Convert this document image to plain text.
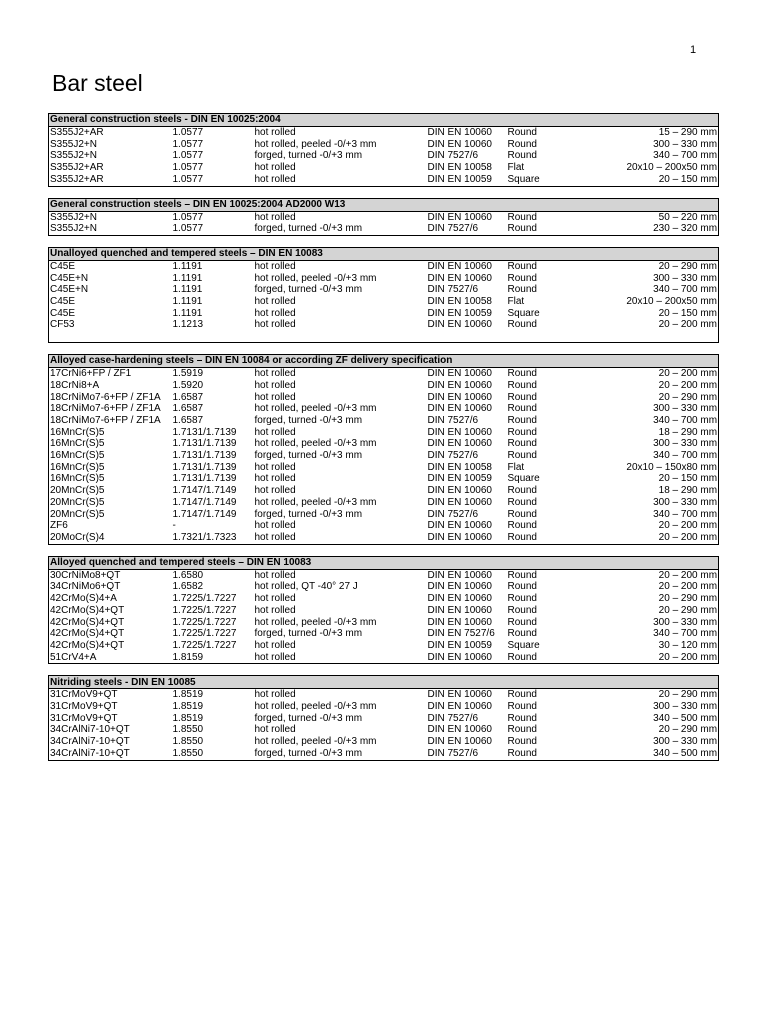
1
Bar steel
General construction steels - DIN EN 10025:2004					
S355J2+AR	1.0577	hot rolled	DIN EN 10060	Round	15 – 290 mm
S355J2+N	1.0577	hot rolled, peeled -0/+3 mm	DIN EN 10060	Round	300 – 330 mm
S355J2+N	1.0577	forged, turned -0/+3 mm	DIN 7527/6	Round	340 – 700 mm
S355J2+AR	1.0577	hot rolled	DIN EN 10058	Flat	20x10 – 200x50 mm
S355J2+AR	1.0577	hot rolled	DIN EN 10059	Square	20 – 150 mm
General construction steels – DIN EN 10025:2004 AD2000 W13					
S355J2+N	1.0577	hot rolled	DIN EN 10060	Round	50 – 220 mm
S355J2+N	1.0577	forged, turned -0/+3 mm	DIN 7527/6	Round	230 – 320 mm
Unalloyed quenched and tempered steels – DIN EN 10083					
C45E	1.1191	hot rolled	DIN EN 10060	Round	20 – 290 mm
C45E+N	1.1191	hot rolled, peeled -0/+3 mm	DIN EN 10060	Round	300 – 330 mm
C45E+N	1.1191	forged, turned -0/+3 mm	DIN 7527/6	Round	340 – 700 mm
C45E	1.1191	hot rolled	DIN EN 10058	Flat	20x10 – 200x50 mm
C45E	1.1191	hot rolled	DIN EN 10059	Square	20 – 150 mm
CF53	1.1213	hot rolled	DIN EN 10060	Round	20 – 200 mm

Alloyed case-hardening steels – DIN EN 10084 or according ZF delivery specification					
17CrNi6+FP / ZF1	1.5919	hot rolled	DIN EN 10060	Round	20 – 200 mm
18CrNi8+A	1.5920	hot rolled	DIN EN 10060	Round	20 – 200 mm
18CrNiMo7-6+FP / ZF1A	1.6587	hot rolled	DIN EN 10060	Round	20 – 290 mm
18CrNiMo7-6+FP / ZF1A	1.6587	hot rolled, peeled -0/+3 mm	DIN EN 10060	Round	300 – 330 mm
18CrNiMo7-6+FP / ZF1A	1.6587	forged, turned -0/+3 mm	DIN 7527/6	Round	340 – 700 mm
16MnCr(S)5	1.7131/1.7139	hot rolled	DIN EN 10060	Round	18 – 290 mm
16MnCr(S)5	1.7131/1.7139	hot rolled, peeled -0/+3 mm	DIN EN 10060	Round	300 – 330 mm
16MnCr(S)5	1.7131/1.7139	forged, turned -0/+3 mm	DIN 7527/6	Round	340 – 700 mm
16MnCr(S)5	1.7131/1.7139	hot rolled	DIN EN 10058	Flat	20x10 – 150x80 mm
16MnCr(S)5	1.7131/1.7139	hot rolled	DIN EN 10059	Square	20 – 150 mm
20MnCr(S)5	1.7147/1.7149	hot rolled	DIN EN 10060	Round	18 – 290 mm
20MnCr(S)5	1.7147/1.7149	hot rolled, peeled -0/+3 mm	DIN EN 10060	Round	300 – 330 mm
20MnCr(S)5	1.7147/1.7149	forged, turned -0/+3 mm	DIN 7527/6	Round	340 – 700 mm
ZF6	-	hot rolled	DIN EN 10060	Round	20 – 200 mm
20MoCr(S)4	1.7321/1.7323	hot rolled	DIN EN 10060	Round	20 – 200 mm
Alloyed quenched and tempered steels – DIN EN 10083					
30CrNiMo8+QT	1.6580	hot rolled	DIN EN 10060	Round	20 – 200 mm
34CrNiMo6+QT	1.6582	hot rolled, QT -40° 27 J	DIN EN 10060	Round	20 – 200 mm
42CrMo(S)4+A	1.7225/1.7227	hot rolled	DIN EN 10060	Round	20 – 290 mm
42CrMo(S)4+QT	1.7225/1.7227	hot rolled	DIN EN 10060	Round	20 – 290 mm
42CrMo(S)4+QT	1.7225/1.7227	hot rolled, peeled -0/+3 mm	DIN EN 10060	Round	300 – 330 mm
42CrMo(S)4+QT	1.7225/1.7227	forged, turned -0/+3 mm	DIN EN 7527/6	Round	340 – 700 mm
42CrMo(S)4+QT	1.7225/1.7227	hot rolled	DIN EN 10059	Square	30 – 120 mm
51CrV4+A	1.8159	hot rolled	DIN EN 10060	Round	20 – 200 mm
Nitriding steels - DIN EN 10085					
31CrMoV9+QT	1.8519	hot rolled	DIN EN 10060	Round	20 – 290 mm
31CrMoV9+QT	1.8519	hot rolled, peeled -0/+3 mm	DIN EN 10060	Round	300 – 330 mm
31CrMoV9+QT	1.8519	forged, turned -0/+3 mm	DIN 7527/6	Round	340 – 500 mm
34CrAlNi7-10+QT	1.8550	hot rolled	DIN EN 10060	Round	20 – 290 mm
34CrAlNi7-10+QT	1.8550	hot rolled, peeled -0/+3 mm	DIN EN 10060	Round	300 – 330 mm
34CrAlNi7-10+QT	1.8550	forged, turned -0/+3 mm	DIN 7527/6	Round	340 – 500 mm
